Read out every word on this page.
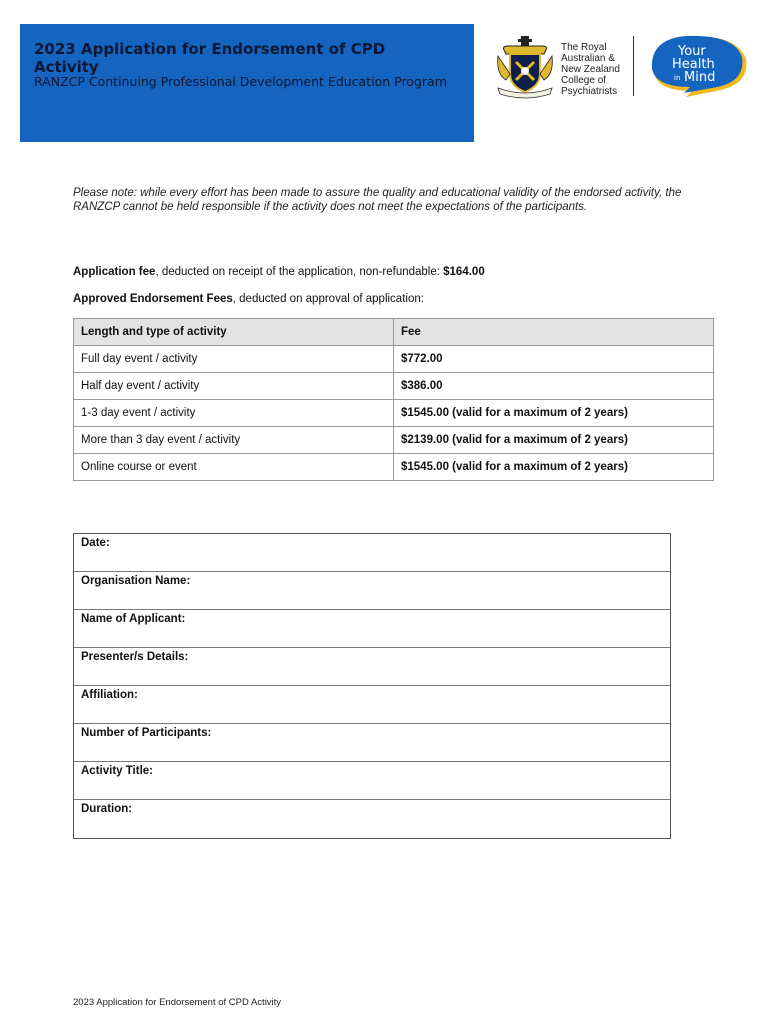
2023 Application for Endorsement of CPD Activity
RANZCP Continuing Professional Development Education Program
The Royal
Australian &
New Zealand
College of
Psychiatrists
Your
Health
in Mind
Please note: while every effort has been made to assure the quality and educational validity of the endorsed activity, the RANZCP cannot be held responsible if the activity does not meet the expectations of the participants.
Application fee, deducted on receipt of the application, non-refundable: $164.00
Approved Endorsement Fees, deducted on approval of application:
Length and type of activity	Fee
Full day event / activity	$772.00
Half day event / activity	$386.00
1-3 day event / activity	$1545.00 (valid for a maximum of 2 years)
More than 3 day event / activity	$2139.00 (valid for a maximum of 2 years)
Online course or event	$1545.00 (valid for a maximum of 2 years)
Date:
Organisation Name:
Name of Applicant:
Presenter/s Details:
Affiliation:
Number of Participants:
Activity Title:
Duration:
2023 Application for Endorsement of CPD Activity
